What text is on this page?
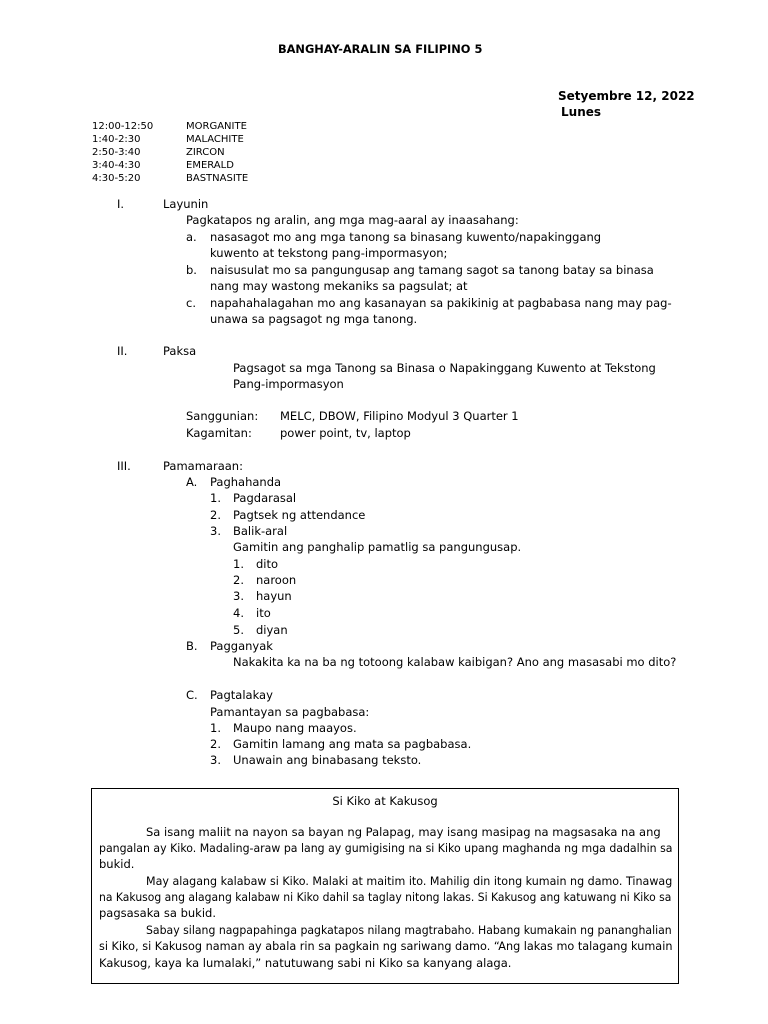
BANGHAY-ARALIN SA FILIPINO 5
Setyembre 12, 2022
Lunes
12:00-12:50	MORGANITE
1:40-2:30	MALACHITE
2:50-3:40	ZIRCON
3:40-4:30	EMERALD
4:30-5:20	BASTNASITE
I.	Layunin
Pagkatapos ng aralin, ang mga mag-aaral ay inaasahang:
a. nasasagot mo ang mga tanong sa binasang kuwento/napakinggang
kuwento at tekstong pang-impormasyon;
b. naisusulat mo sa pangungusap ang tamang sagot sa tanong batay sa binasa
nang may wastong mekaniks sa pagsulat; at
c. napahahalagahan mo ang kasanayan sa pakikinig at pagbabasa nang may pag-
unawa sa pagsagot ng mga tanong.
II.	Paksa
Pagsagot sa mga Tanong sa Binasa o Napakinggang Kuwento at Tekstong
Pang-impormasyon
Sanggunian: MELC, DBOW, Filipino Modyul 3 Quarter 1
Kagamitan: power point, tv, laptop
III.	Pamamaraan:
A. Paghahanda
1. Pagdarasal
2. Pagtsek ng attendance
3. Balik-aral
Gamitin ang panghalip pamatlig sa pangungusap.
1. dito
2. naroon
3. hayun
4. ito
5. diyan
B. Pagganyak
Nakakita ka na ba ng totoong kalabaw kaibigan? Ano ang masasabi mo dito?
C. Pagtalakay
Pamantayan sa pagbabasa:
1. Maupo nang maayos.
2. Gamitin lamang ang mata sa pagbabasa.
3. Unawain ang binabasang teksto.
Si Kiko at Kakusog
Sa isang maliit na nayon sa bayan ng Palapag, may isang masipag na magsasaka na ang
pangalan ay Kiko. Madaling-araw pa lang ay gumigising na si Kiko upang maghanda ng mga dadalhin sa
bukid.
May alagang kalabaw si Kiko. Malaki at maitim ito. Mahilig din itong kumain ng damo. Tinawag
na Kakusog ang alagang kalabaw ni Kiko dahil sa taglay nitong lakas. Si Kakusog ang katuwang ni Kiko sa
pagsasaka sa bukid.
Sabay silang nagpapahinga pagkatapos nilang magtrabaho. Habang kumakain ng pananghalian
si Kiko, si Kakusog naman ay abala rin sa pagkain ng sariwang damo. “Ang lakas mo talagang kumain
Kakusog, kaya ka lumalaki,” natutuwang sabi ni Kiko sa kanyang alaga.
